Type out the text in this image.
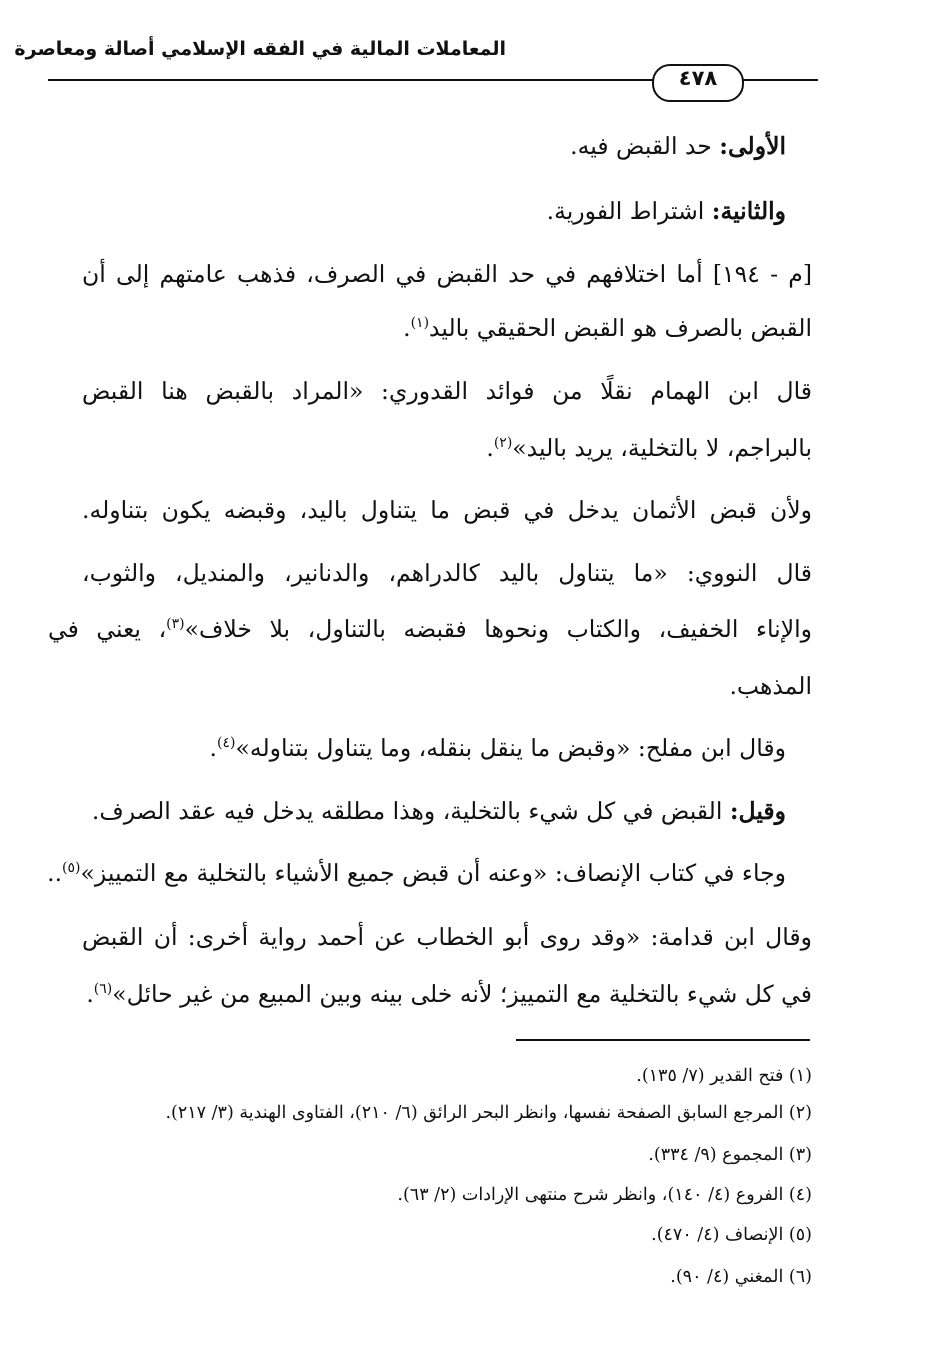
المعاملات المالية في الفقه الإسلامي أصالة ومعاصرة
٤٧٨
الأولى: حد القبض فيه.
والثانية: اشتراط الفورية.
[م - ١٩٤] أما اختلافهم في حد القبض في الصرف، فذهب عامتهم إلى أن
القبض بالصرف هو القبض الحقيقي باليد$^{(١)}$.
قال ابن الهمام نقلًا من فوائد القدوري: «المراد بالقبض هنا القبض
بالبراجم، لا بالتخلية، يريد باليد»$^{(٢)}$.
ولأن قبض الأثمان يدخل في قبض ما يتناول باليد، وقبضه يكون بتناوله.
قال النووي: «ما يتناول باليد كالدراهم، والدنانير، والمنديل، والثوب،
والإناء الخفيف، والكتاب ونحوها فقبضه بالتناول، بلا خلاف»$^{(٣)}$، يعني في
المذهب.
وقال ابن مفلح: «وقبض ما ينقل بنقله، وما يتناول بتناوله»$^{(٤)}$.
وقيل: القبض في كل شيء بالتخلية، وهذا مطلقه يدخل فيه عقد الصرف.
وجاء في كتاب الإنصاف: «وعنه أن قبض جميع الأشياء بالتخلية مع التمييز»$^{(٥)}$..
وقال ابن قدامة: «وقد روى أبو الخطاب عن أحمد رواية أخرى: أن القبض
في كل شيء بالتخلية مع التمييز؛ لأنه خلى بينه وبين المبيع من غير حائل»$^{(٦)}$.
(١) فتح القدير (٧/ ١٣٥).
(٢) المرجع السابق الصفحة نفسها، وانظر البحر الرائق (٦/ ٢١٠)، الفتاوى الهندية (٣/ ٢١٧).
(٣) المجموع (٩/ ٣٣٤).
(٤) الفروع (٤/ ١٤٠)، وانظر شرح منتهى الإرادات (٢/ ٦٣).
(٥) الإنصاف (٤/ ٤٧٠).
(٦) المغني (٤/ ٩٠).
